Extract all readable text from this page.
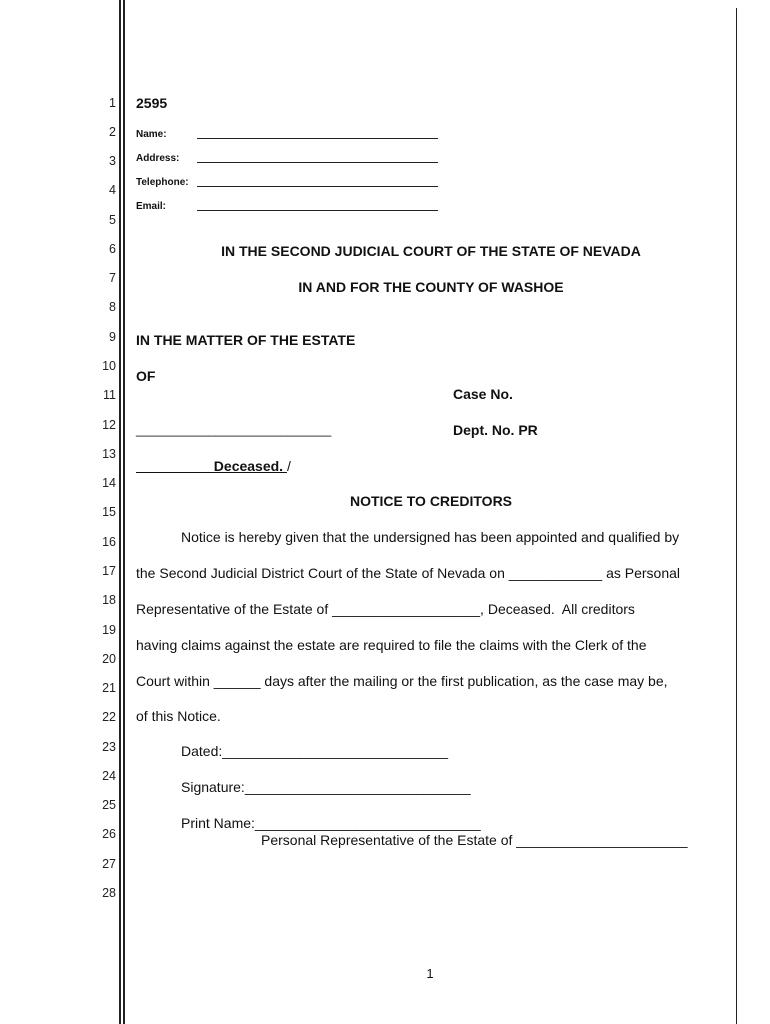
1
2
3
4
5
6
7
8
9
10
11
12
13
14
15
16
17
18
19
20
21
22
23
24
25
26
27
28
2595
Name:
Address:
Telephone:
Email:
IN THE SECOND JUDICIAL COURT OF THE STATE OF NEVADA
IN AND FOR THE COUNTY OF WASHOE
IN THE MATTER OF THE ESTATE
OF
Case No.
___________________________	Dept. No. PR
Deceased. /
NOTICE TO CREDITORS
Notice is hereby given that the undersigned has been appointed and qualified by
the Second Judicial District Court of the State of Nevada on ____________ as Personal
Representative of the Estate of ___________________, Deceased.  All creditors
having claims against the estate are required to file the claims with the Clerk of the
Court within ______ days after the mailing or the first publication, as the case may be,
of this Notice.
Dated:_____________________________
Signature:_____________________________
Print Name:_____________________________
Personal Representative of the Estate of ______________________
1
